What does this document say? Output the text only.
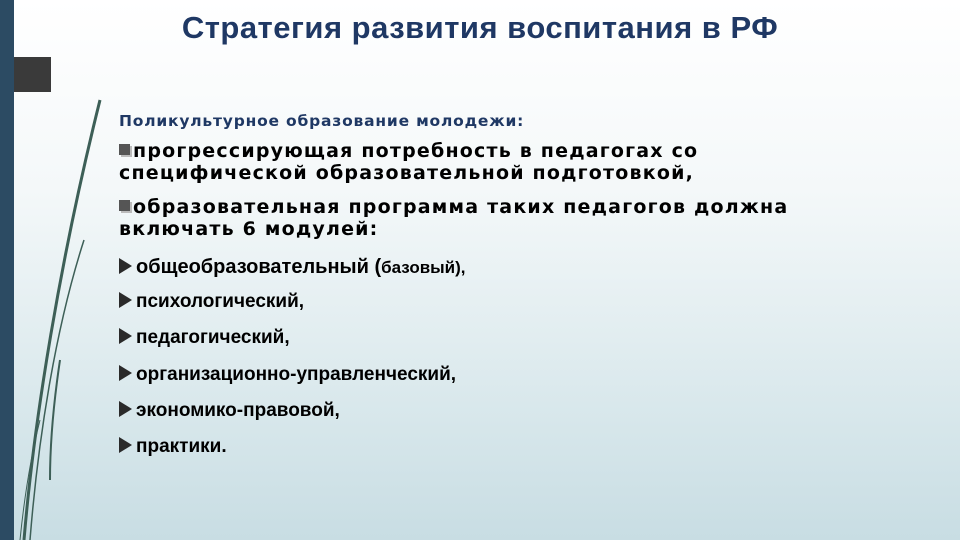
Стратегия развития воспитания в РФ

Поликультурное образование молодежи:

прогрессирующая потребность в педагогах со специфической образовательной подготовкой,

образовательная программа таких педагогов должна включать 6 модулей:

общеобразовательный (базовый),
психологический,
педагогический,
организационно-управленческий,
экономико-правовой,
практики.
